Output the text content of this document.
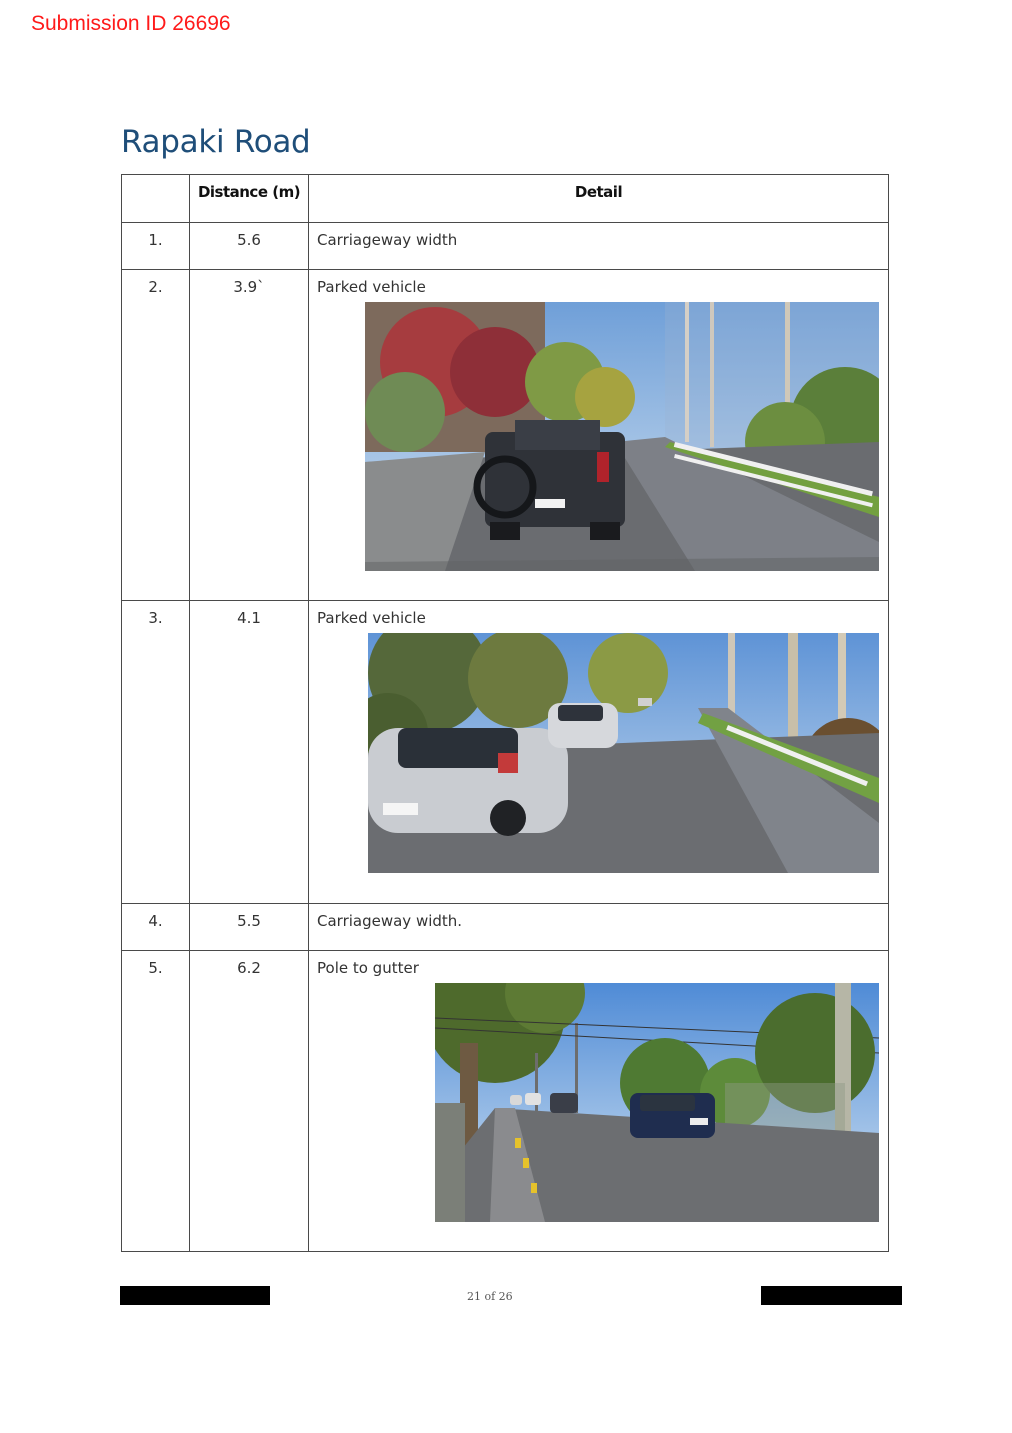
Submission ID 26696
Rapaki Road
	Distance (m)	Detail
1.	5.6	Carriageway width

2.	3.9`	Parked vehicle

3.	4.1	Parked vehicle

4.	5.5	Carriageway width.

5.	6.2	Pole to gutter
21 of 26
